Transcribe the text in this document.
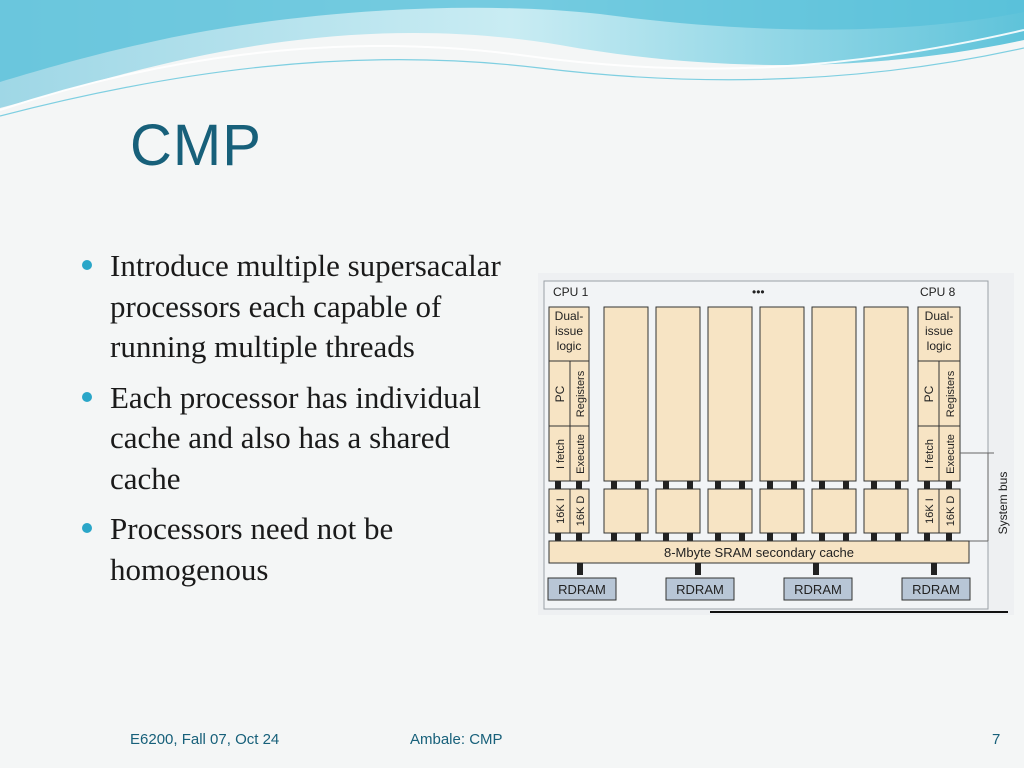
CMP
Introduce multiple supersacalar processors each capable of running multiple threads
Each processor has individual cache and also has a shared cache
Processors need not be homogenous
CPU 1	•••	CPU 8
Dual-
issue
logic
PC Registers
I fetch Execute
16K I 16K D
Dual-
issue
logic
PC Registers
I fetch Execute
16K I 16K D	System bus
8-Mbyte SRAM secondary cache
RDRAM	RDRAM	RDRAM	RDRAM
E6200, Fall 07, Oct 24	Ambale: CMP	7
